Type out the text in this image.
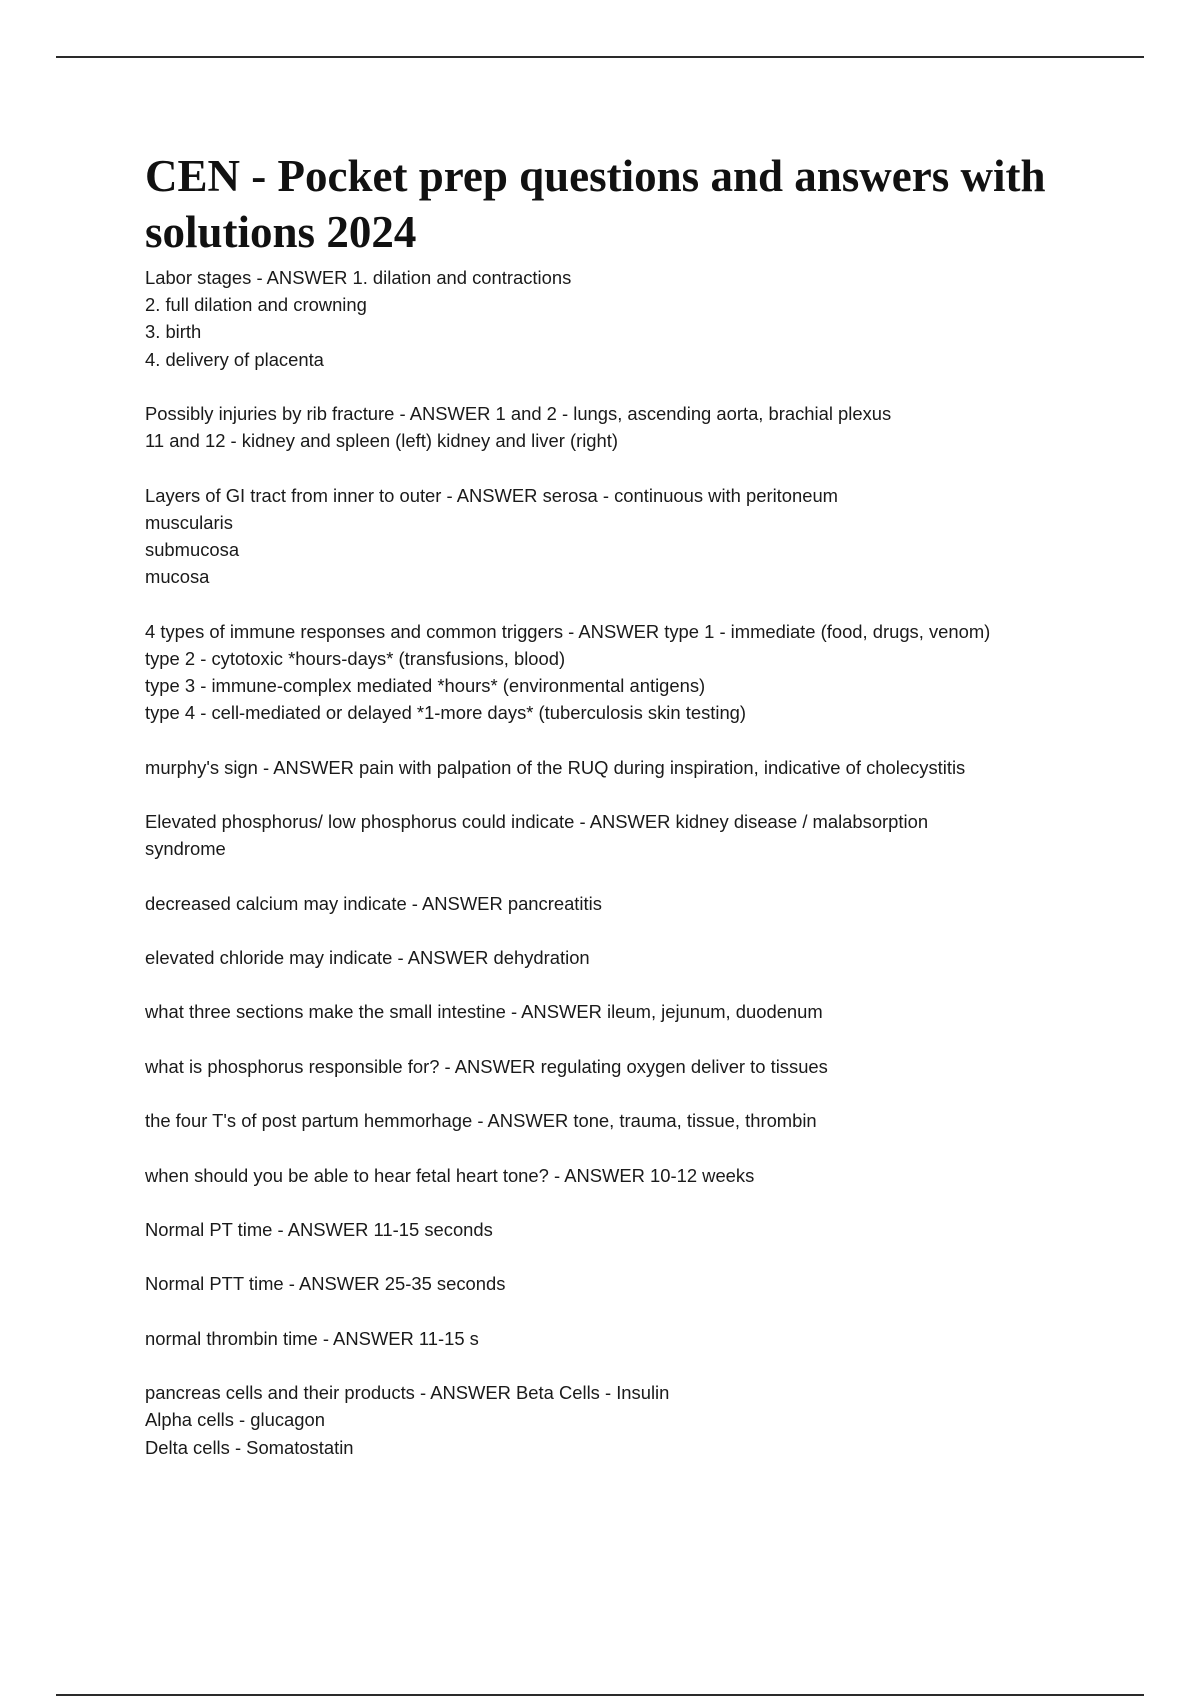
CEN - Pocket prep questions and answers with solutions 2024

Labor stages - ANSWER 1. dilation and contractions
2. full dilation and crowning
3. birth
4. delivery of placenta

Possibly injuries by rib fracture - ANSWER 1 and 2 - lungs, ascending aorta, brachial plexus
11 and 12 - kidney and spleen (left) kidney and liver (right)

Layers of GI tract from inner to outer - ANSWER serosa - continuous with peritoneum
muscularis
submucosa
mucosa

4 types of immune responses and common triggers - ANSWER type 1 - immediate (food, drugs, venom)
type 2 - cytotoxic *hours-days* (transfusions, blood)
type 3 - immune-complex mediated *hours* (environmental antigens)
type 4 - cell-mediated or delayed *1-more days* (tuberculosis skin testing)

murphy's sign - ANSWER pain with palpation of the RUQ during inspiration, indicative of cholecystitis

Elevated phosphorus/ low phosphorus could indicate - ANSWER kidney disease / malabsorption
syndrome

decreased calcium may indicate - ANSWER pancreatitis

elevated chloride may indicate - ANSWER dehydration

what three sections make the small intestine - ANSWER ileum, jejunum, duodenum

what is phosphorus responsible for? - ANSWER regulating oxygen deliver to tissues

the four T's of post partum hemmorhage - ANSWER tone, trauma, tissue, thrombin

when should you be able to hear fetal heart tone? - ANSWER 10-12 weeks

Normal PT time - ANSWER 11-15 seconds

Normal PTT time - ANSWER 25-35 seconds

normal thrombin time - ANSWER 11-15 s

pancreas cells and their products - ANSWER Beta Cells - Insulin
Alpha cells - glucagon
Delta cells - Somatostatin
